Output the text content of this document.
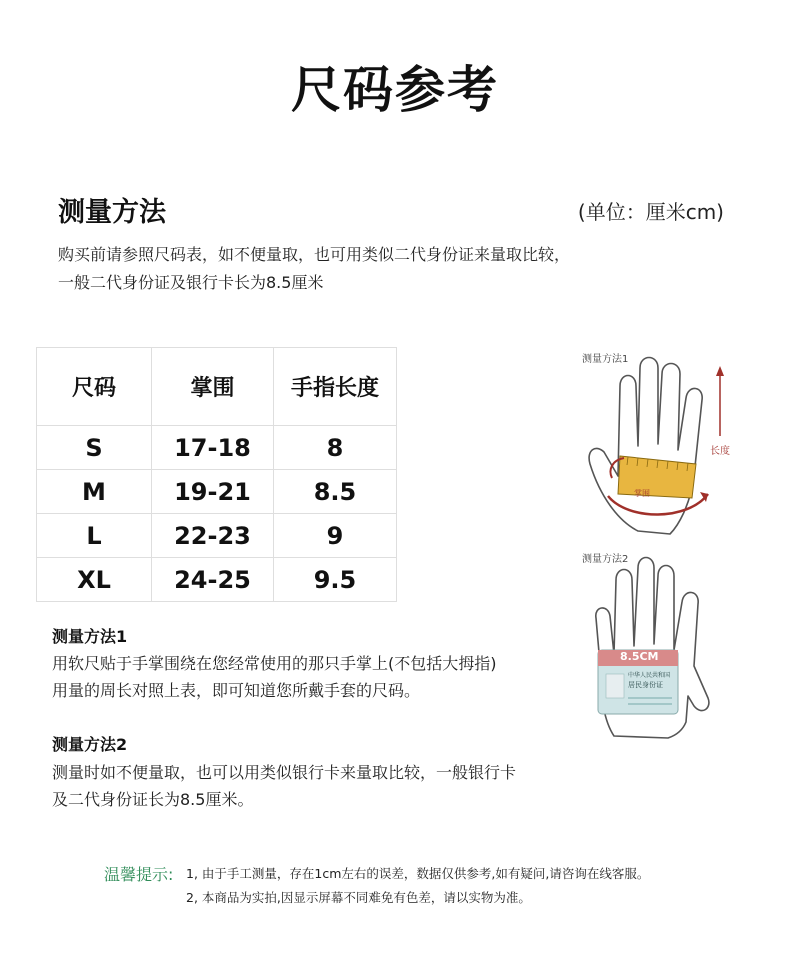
尺码参考
测量方法	(单位：厘米cm)
购买前请参照尺码表，如不便量取，也可用类似二代身份证来量取比较，
一般二代身份证及银行卡长为8.5厘米
尺码	掌围	手指长度
S	17-18	8
M	19-21	8.5
L	22-23	9
XL	24-25	9.5
测量方法1
用软尺贴于手掌围绕在您经常使用的那只手掌上(不包括大拇指)
用量的周长对照上表，即可知道您所戴手套的尺码。
测量方法2
测量时如不便量取，也可以用类似银行卡来量取比较，一般银行卡
及二代身份证长为8.5厘米。
测量方法1
长度
掌围
测量方法2
8.5CM
中华人民共和国
居民身份证
温馨提示: 1, 由于手工测量，存在1cm左右的误差，数据仅供参考,如有疑问,请咨询在线客服。
2, 本商品为实拍,因显示屏幕不同难免有色差，请以实物为准。
